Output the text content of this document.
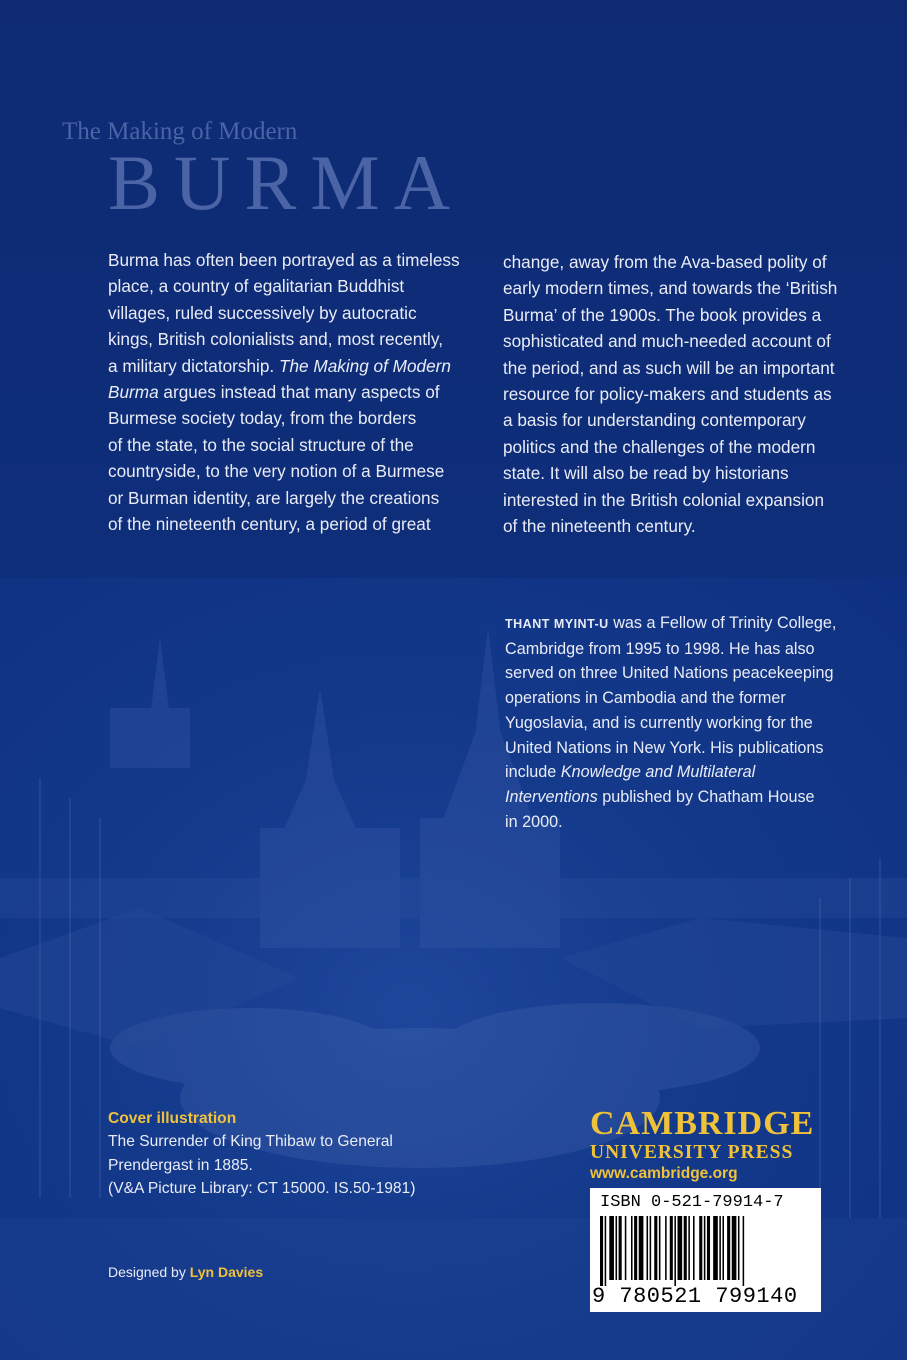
The Making of Modern
BURMA
Burma has often been portrayed as a timeless
place, a country of egalitarian Buddhist
villages, ruled successively by autocratic
kings, British colonialists and, most recently,
a military dictatorship. The Making of Modern
Burma argues instead that many aspects of
Burmese society today, from the borders
of the state, to the social structure of the
countryside, to the very notion of a Burmese
or Burman identity, are largely the creations
of the nineteenth century, a period of great
change, away from the Ava-based polity of
early modern times, and towards the ‘British
Burma’ of the 1900s. The book provides a
sophisticated and much-needed account of
the period, and as such will be an important
resource for policy-makers and students as
a basis for understanding contemporary
politics and the challenges of the modern
state. It will also be read by historians
interested in the British colonial expansion
of the nineteenth century.
THANT MYINT-U was a Fellow of Trinity College,
Cambridge from 1995 to 1998. He has also
served on three United Nations peacekeeping
operations in Cambodia and the former
Yugoslavia, and is currently working for the
United Nations in New York. His publications
include Knowledge and Multilateral
Interventions published by Chatham House
in 2000.
Cover illustration
The Surrender of King Thibaw to General
Prendergast in 1885.
(V&A Picture Library: CT 15000. IS.50-1981)
Designed by Lyn Davies
CAMBRIDGE
UNIVERSITY PRESS
www.cambridge.org
ISBN 0-521-79914-7
9 780521 799140
